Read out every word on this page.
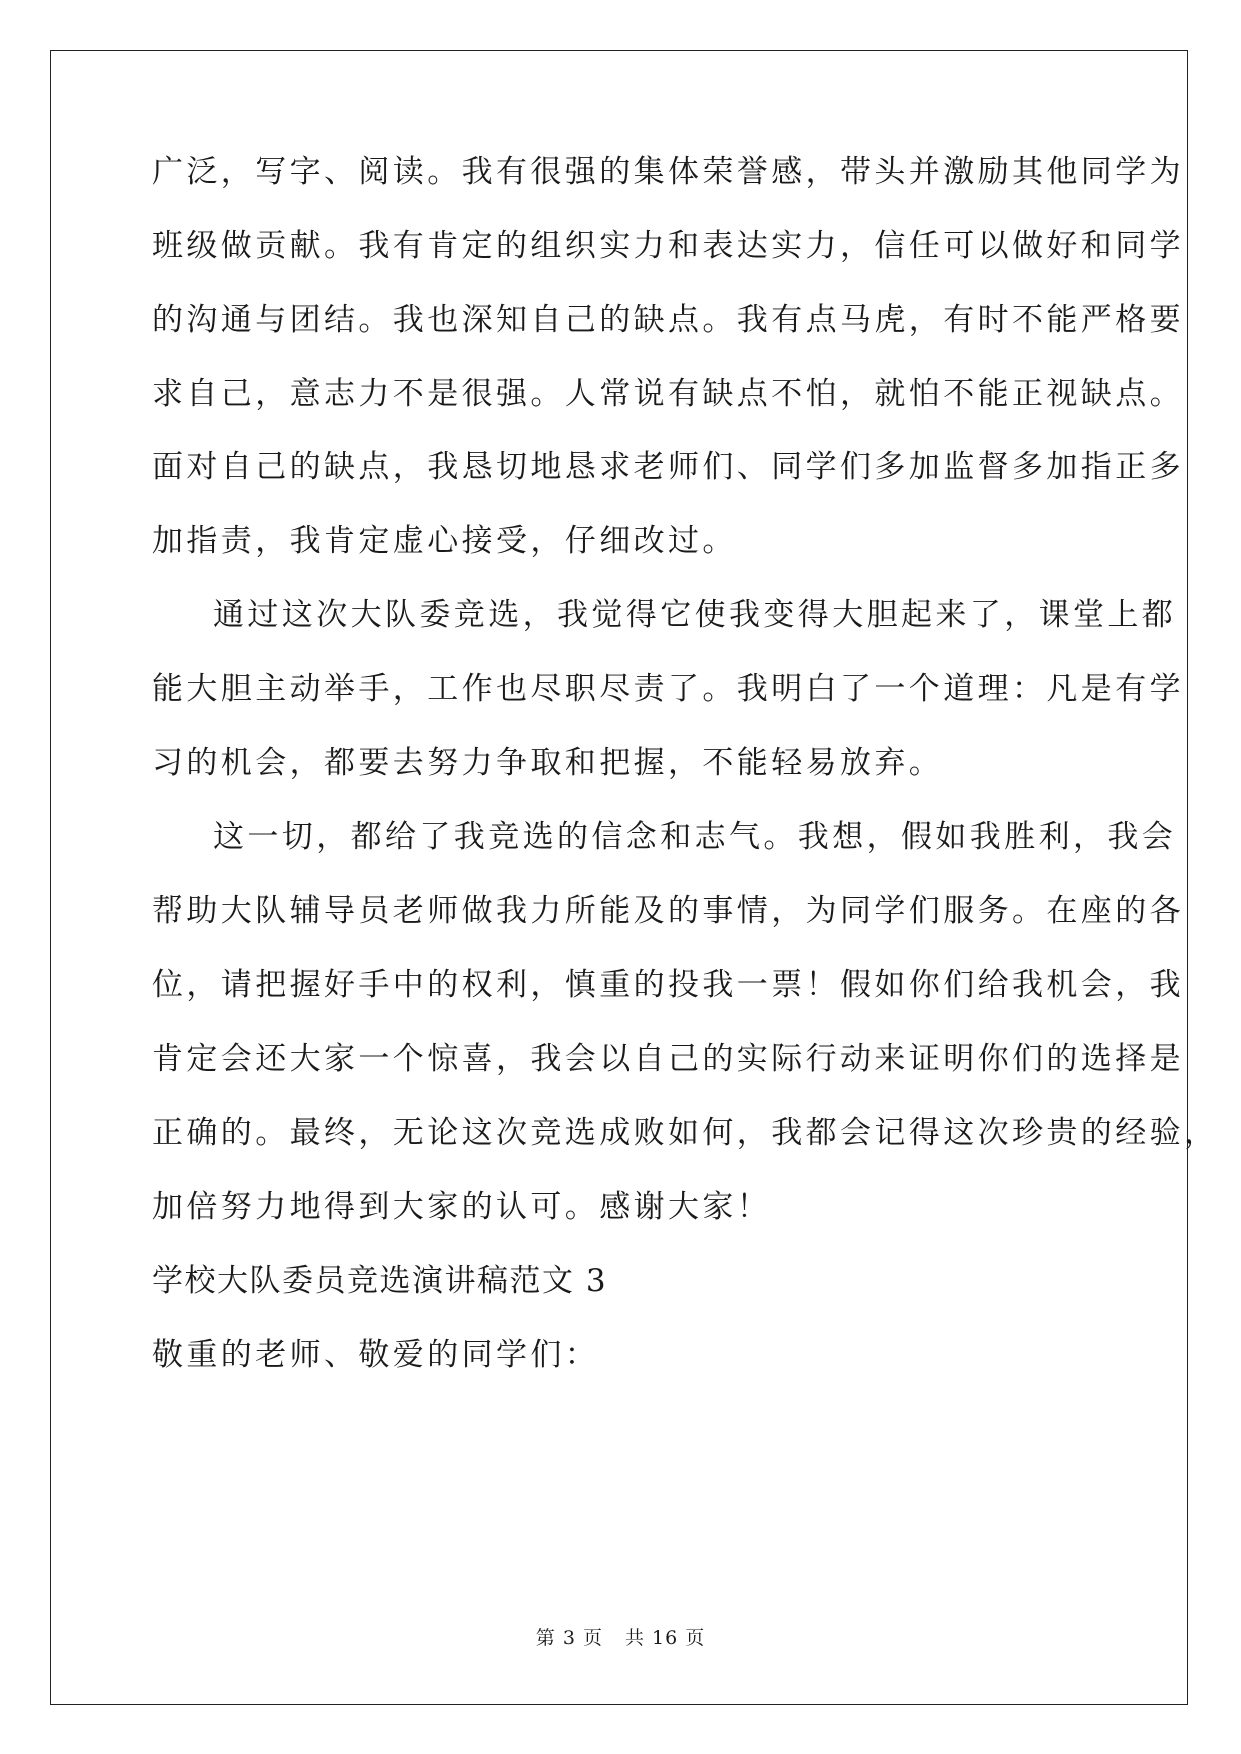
广泛，写字、阅读。我有很强的集体荣誉感，带头并激励其他同学为
班级做贡献。我有肯定的组织实力和表达实力，信任可以做好和同学
的沟通与团结。我也深知自己的缺点。我有点马虎，有时不能严格要
求自己，意志力不是很强。人常说有缺点不怕，就怕不能正视缺点。
面对自己的缺点，我恳切地恳求老师们、同学们多加监督多加指正多
加指责，我肯定虚心接受，仔细改过。
通过这次大队委竞选，我觉得它使我变得大胆起来了，课堂上都
能大胆主动举手，工作也尽职尽责了。我明白了一个道理：凡是有学
习的机会，都要去努力争取和把握，不能轻易放弃。
这一切，都给了我竞选的信念和志气。我想，假如我胜利，我会
帮助大队辅导员老师做我力所能及的事情，为同学们服务。在座的各
位，请把握好手中的权利，慎重的投我一票！假如你们给我机会，我
肯定会还大家一个惊喜，我会以自己的实际行动来证明你们的选择是
正确的。最终，无论这次竞选成败如何，我都会记得这次珍贵的经验，
加倍努力地得到大家的认可。感谢大家！
学校大队委员竞选演讲稿范文 3
敬重的老师、敬爱的同学们：
第 3 页 共 16 页
